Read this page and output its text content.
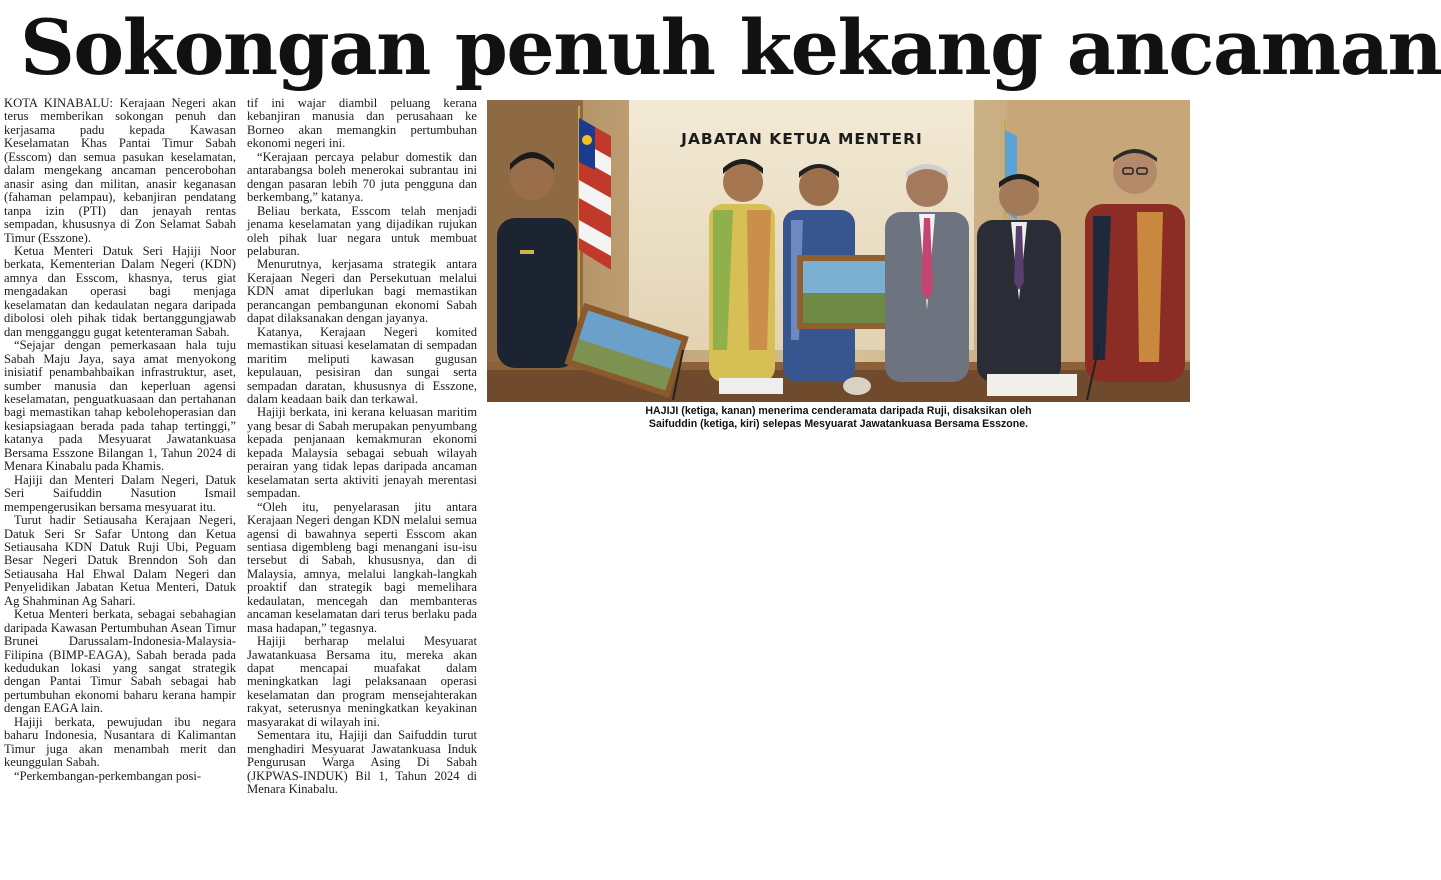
Sokongan penuh kekang ancaman

KOTA KINABALU: Kerajaan Negeri akan terus memberikan sokongan penuh dan kerjasama padu kepada Kawasan Keselamatan Khas Pantai Timur Sabah (Esscom) dan semua pasukan keselamatan, dalam mengekang ancaman pencerobohan anasir asing dan militan, anasir keganasan (fahaman pelampau), kebanjiran pendatang tanpa izin (PTI) dan jenayah rentas sempadan, khususnya di Zon Selamat Sabah Timur (Esszone).

Ketua Menteri Datuk Seri Hajiji Noor berkata, Kementerian Dalam Negeri (KDN) amnya dan Esscom, khasnya, terus giat mengadakan operasi bagi menjaga keselamatan dan kedaulatan negara daripada dibolosi oleh pihak tidak bertanggungjawab dan mengganggu gugat ketenteraman Sabah.

“Sejajar dengan pemerkasaan hala tuju Sabah Maju Jaya, saya amat menyokong inisiatif penambahbaikan infrastruktur, aset, sumber manusia dan keperluan agensi keselamatan, penguatkuasaan dan pertahanan bagi memastikan tahap kebolehoperasian dan kesiapsiagaan berada pada tahap tertinggi,” katanya pada Mesyuarat Jawatankuasa Bersama Esszone Bilangan 1, Tahun 2024 di Menara Kinabalu pada Khamis.

Hajiji dan Menteri Dalam Negeri, Datuk Seri Saifuddin Nasution Ismail mempengerusikan bersama mesyuarat itu.

Turut hadir Setiausaha Kerajaan Negeri, Datuk Seri Sr Safar Untong dan Ketua Setiausaha KDN Datuk Ruji Ubi, Peguam Besar Negeri Datuk Brenndon Soh dan Setiausaha Hal Ehwal Dalam Negeri dan Penyelidikan Jabatan Ketua Menteri, Datuk Ag Shahminan Ag Sahari.

Ketua Menteri berkata, sebagai sebahagian daripada Kawasan Pertumbuhan Asean Timur Brunei Darussalam-Indonesia-Malaysia-Filipina (BIMP-EAGA), Sabah berada pada kedudukan lokasi yang sangat strategik dengan Pantai Timur Sabah sebagai hab pertumbuhan ekonomi baharu kerana hampir dengan EAGA lain.

Hajiji berkata, pewujudan ibu negara baharu Indonesia, Nusantara di Kalimantan Timur juga akan menambah merit dan keunggulan Sabah.

“Perkembangan-perkembangan posi-

tif ini wajar diambil peluang kerana kebanjiran manusia dan perusahaan ke Borneo akan memangkin pertumbuhan ekonomi negeri ini.

“Kerajaan percaya pelabur domestik dan antarabangsa boleh menerokai subrantau ini dengan pasaran lebih 70 juta pengguna dan berkembang,” katanya.

Beliau berkata, Esscom telah menjadi jenama keselamatan yang dijadikan rujukan oleh pihak luar negara untuk membuat pelaburan.

Menurutnya, kerjasama strategik antara Kerajaan Negeri dan Persekutuan melalui KDN amat diperlukan bagi memastikan perancangan pembangunan ekonomi Sabah dapat dilaksanakan dengan jayanya.

Katanya, Kerajaan Negeri komited memastikan situasi keselamatan di sempadan maritim meliputi kawasan gugusan kepulauan, pesisiran dan sungai serta sempadan daratan, khususnya di Esszone, dalam keadaan baik dan terkawal.

Hajiji berkata, ini kerana keluasan maritim yang besar di Sabah merupakan penyumbang kepada penjanaan kemakmuran ekonomi kepada Malaysia sebagai sebuah wilayah perairan yang tidak lepas daripada ancaman keselamatan serta aktiviti jenayah merentasi sempadan.

“Oleh itu, penyelarasan jitu antara Kerajaan Negeri dengan KDN melalui semua agensi di bawahnya seperti Esscom akan sentiasa digembleng bagi menangani isu-isu tersebut di Sabah, khususnya, dan di Malaysia, amnya, melalui langkah-langkah proaktif dan strategik bagi memelihara kedaulatan, mencegah dan membanteras ancaman keselamatan dari terus berlaku pada masa hadapan,” tegasnya.

Hajiji berharap melalui Mesyuarat Jawatankuasa Bersama itu, mereka akan dapat mencapai muafakat dalam meningkatkan lagi pelaksanaan operasi keselamatan dan program mensejahterakan rakyat, seterusnya meningkatkan keyakinan masyarakat di wilayah ini.

Sementara itu, Hajiji dan Saifuddin turut menghadiri Mesyuarat Jawatankuasa Induk Pengurusan Warga Asing Di Sabah (JKPWAS-INDUK) Bil 1, Tahun 2024 di Menara Kinabalu.

JABATAN KETUA MENTERI
HAJIJI (ketiga, kanan) menerima cenderamata daripada Ruji, disaksikan oleh
Saifuddin (ketiga, kiri) selepas Mesyuarat Jawatankuasa Bersama Esszone.
